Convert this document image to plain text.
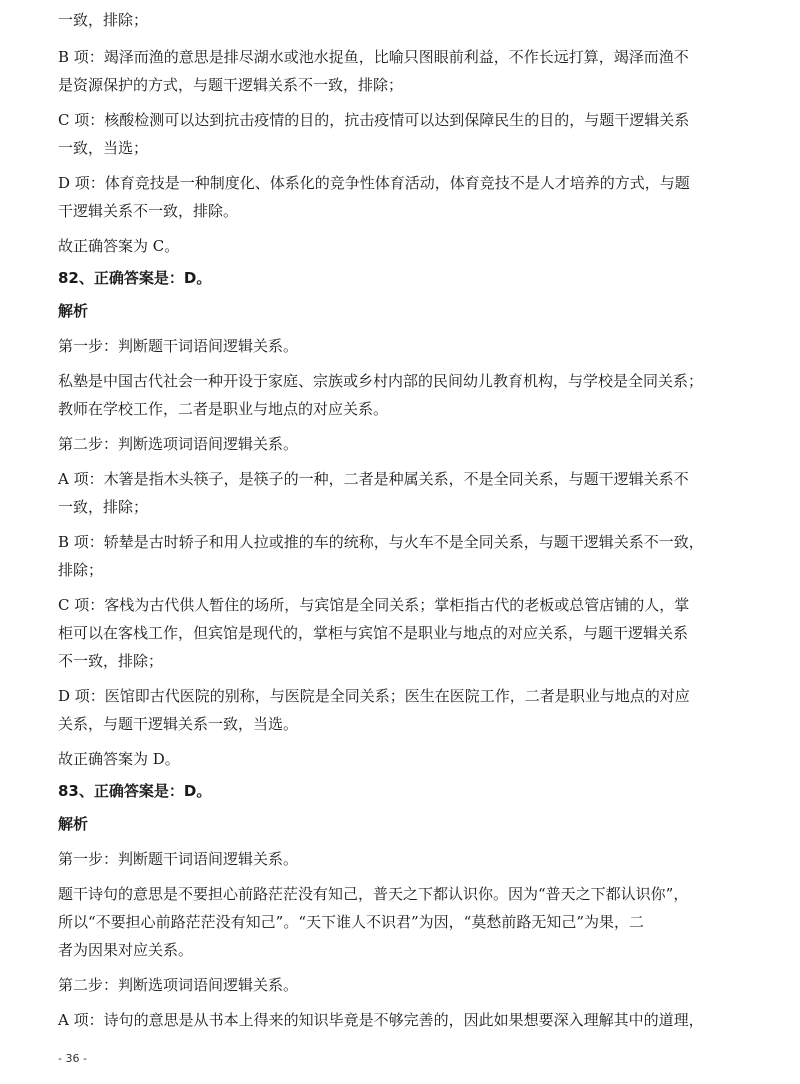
一致，排除；
B 项：竭泽而渔的意思是排尽湖水或池水捉鱼，比喻只图眼前利益，不作长远打算，竭泽而渔不
是资源保护的方式，与题干逻辑关系不一致，排除；
C 项：核酸检测可以达到抗击疫情的目的，抗击疫情可以达到保障民生的目的，与题干逻辑关系
一致，当选；
D 项：体育竞技是一种制度化、体系化的竞争性体育活动，体育竞技不是人才培养的方式，与题
干逻辑关系不一致，排除。
故正确答案为 C。
82、正确答案是：D。
解析
第一步：判断题干词语间逻辑关系。
私塾是中国古代社会一种开设于家庭、宗族或乡村内部的民间幼儿教育机构，与学校是全同关系；
教师在学校工作，二者是职业与地点的对应关系。
第二步：判断选项词语间逻辑关系。
A 项：木箸是指木头筷子，是筷子的一种，二者是种属关系，不是全同关系，与题干逻辑关系不
一致，排除；
B 项：轿辇是古时轿子和用人拉或推的车的统称，与火车不是全同关系，与题干逻辑关系不一致，
排除；
C 项：客栈为古代供人暂住的场所，与宾馆是全同关系；掌柜指古代的老板或总管店铺的人，掌
柜可以在客栈工作，但宾馆是现代的，掌柜与宾馆不是职业与地点的对应关系，与题干逻辑关系
不一致，排除；
D 项：医馆即古代医院的别称，与医院是全同关系；医生在医院工作，二者是职业与地点的对应
关系，与题干逻辑关系一致，当选。
故正确答案为 D。
83、正确答案是：D。
解析
第一步：判断题干词语间逻辑关系。
题干诗句的意思是不要担心前路茫茫没有知己，普天之下都认识你。因为“普天之下都认识你”，
所以“不要担心前路茫茫没有知己”。“天下谁人不识君”为因，“莫愁前路无知己”为果，二
者为因果对应关系。
第二步：判断选项词语间逻辑关系。
A 项：诗句的意思是从书本上得来的知识毕竟是不够完善的，因此如果想要深入理解其中的道理，
- 36 -
